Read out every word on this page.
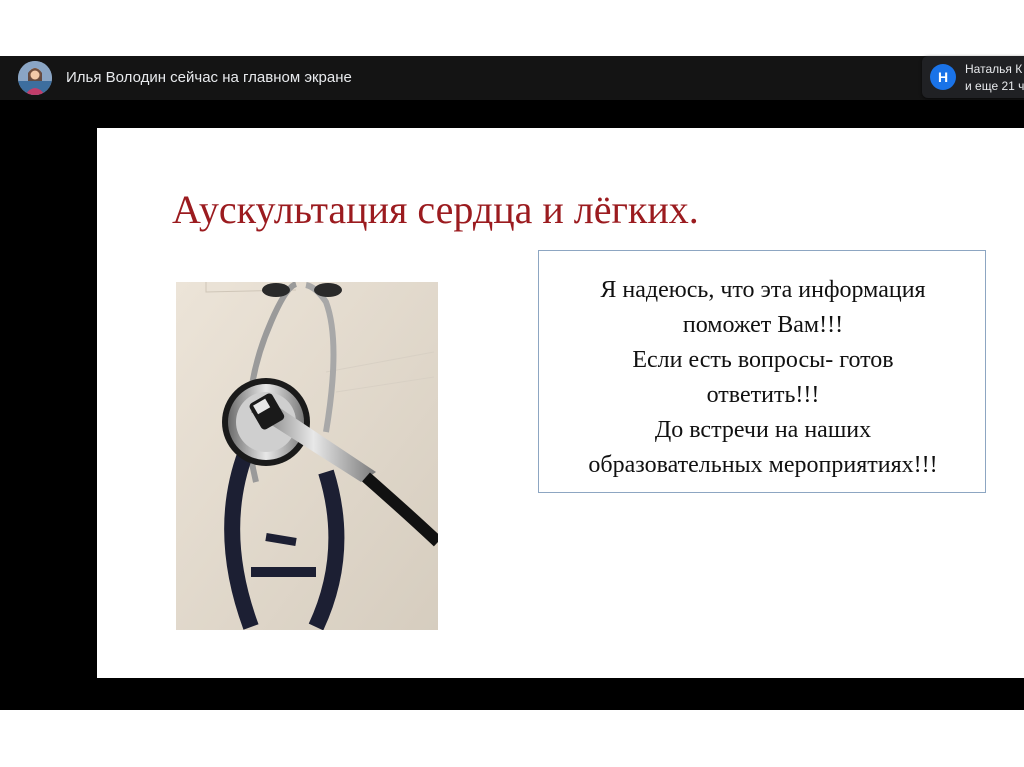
Илья Володин сейчас на главном экране	Н	Наталья К
и еще 21 ч
Аускультация сердца и лёгких.
Я надеюсь, что эта информация
поможет Вам!!!
Если есть вопросы- готов
ответить!!!
До встречи на наших
образовательных мероприятиях!!!
